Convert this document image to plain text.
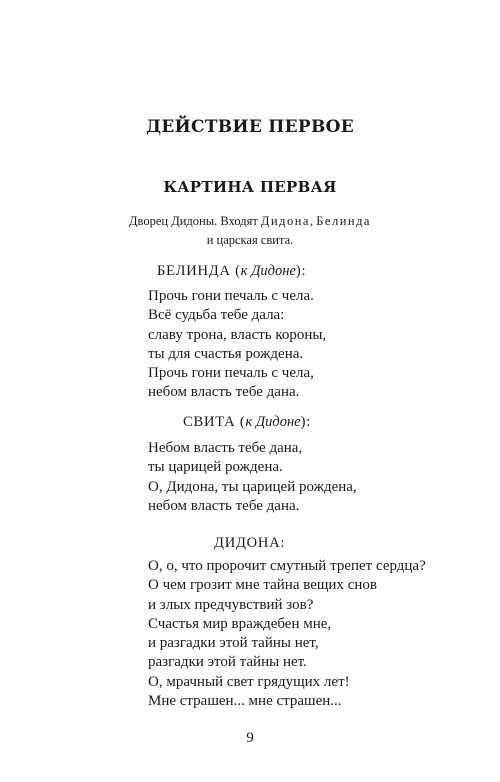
ДЕЙСТВИЕ ПЕРВОЕ
КАРТИНА ПЕРВАЯ
Дворец Дидоны. Входят Дидона, Белинда
и царская свита.
БЕЛИНДА (к Дидоне):
Прочь гони печаль с чела.
Всё судьба тебе дала:
славу трона, власть короны,
ты для счастья рождена.
Прочь гони печаль с чела,
небом власть тебе дана.
СВИТА (к Дидоне):
Небом власть тебе дана,
ты царицей рождена.
О, Дидона, ты царицей рождена,
небом власть тебе дана.
ДИДОНА:
О, о, что пророчит смутный трепет сердца?
О чем грозит мне тайна вещих снов
и злых предчувствий зов?
Счастья мир враждебен мне,
и разгадки этой тайны нет,
разгадки этой тайны нет.
О, мрачный свет грядущих лет!
Мне страшен... мне страшен...
9
